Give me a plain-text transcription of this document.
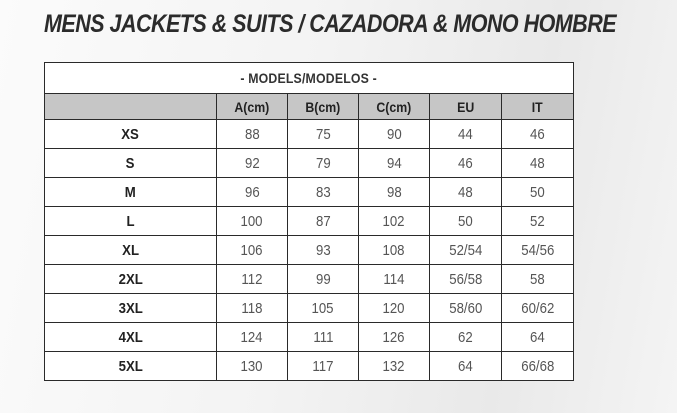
MENS JACKETS & SUITS / CAZADORA & MONO HOMBRE
- MODELS/MODELOS -					
	A(cm)	B(cm)	C(cm)	EU	IT
XS	88	75	90	44	46
S	92	79	94	46	48
M	96	83	98	48	50
L	100	87	102	50	52
XL	106	93	108	52/54	54/56
2XL	112	99	114	56/58	58
3XL	118	105	120	58/60	60/62
4XL	124	111	126	62	64
5XL	130	117	132	64	66/68
